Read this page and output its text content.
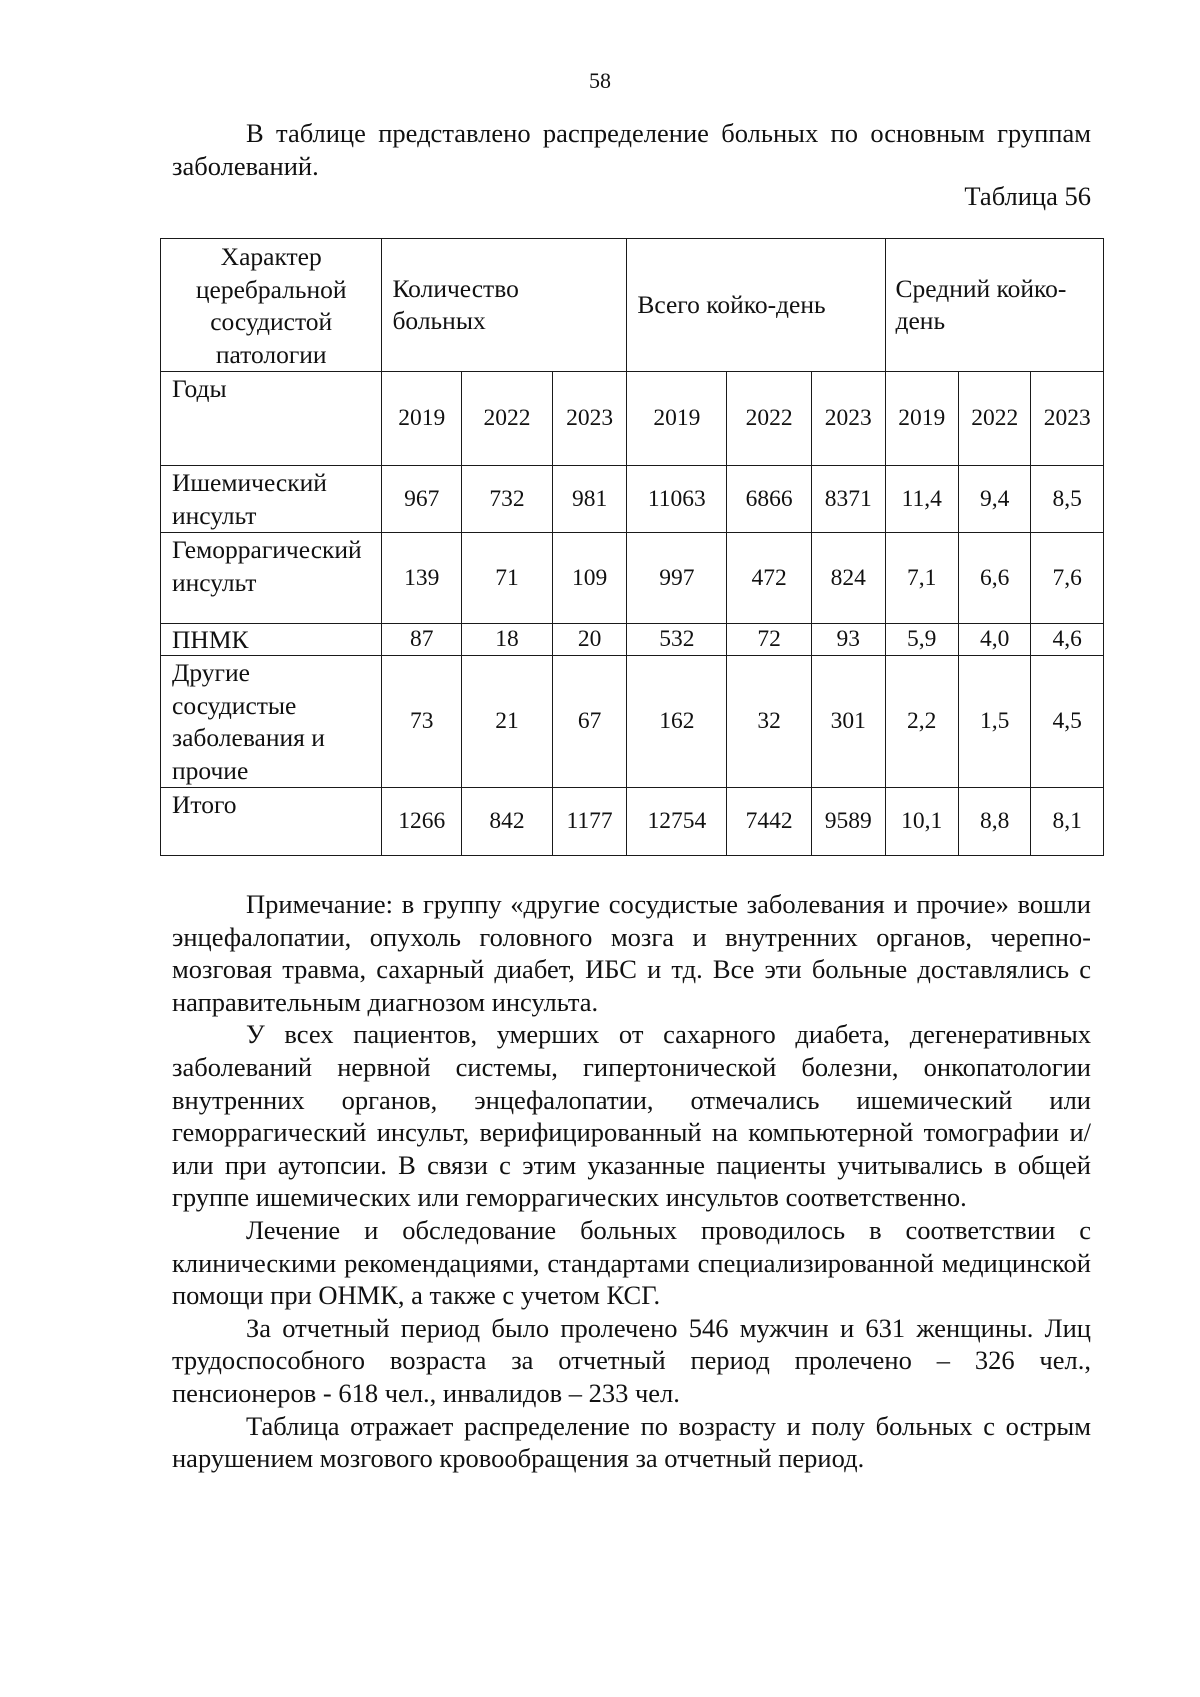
58

В таблице представлено распределение больных по основным группам заболеваний.

Таблица 56
Характер церебральной сосудистой патологии	Количество больных			Всего койко-день			Средний койко-день		
Годы	2019	2022	2023	2019	2022	2023	2019	2022	2023
Ишемический инсульт	967	732	981	11063	6866	8371	11,4	9,4	8,5
Геморрагический инсульт	139	71	109	997	472	824	7,1	6,6	7,6
ПНМК	87	18	20	532	72	93	5,9	4,0	4,6
Другие сосудистые заболевания и прочие	73	21	67	162	32	301	2,2	1,5	4,5
Итого	1266	842	1177	12754	7442	9589	10,1	8,8	8,1

Примечание: в группу «другие сосудистые заболевания и прочие» вошли энцефалопатии, опухоль головного мозга и внутренних органов, черепно-мозговая травма, сахарный диабет, ИБС и тд. Все эти больные доставлялись с направительным диагнозом инсульта.

У всех пациентов, умерших от сахарного диабета, дегенеративных заболеваний нервной системы, гипертонической болезни, онкопатологии внутренних органов, энцефалопатии, отмечались ишемический или геморрагический инсульт, верифицированный на компьютерной томографии и/или при аутопсии. В связи с этим указанные пациенты учитывались в общей группе ишемических или геморрагических инсультов соответственно.

Лечение и обследование больных проводилось в соответствии с клиническими рекомендациями, стандартами специализированной медицинской помощи при ОНМК, а также с учетом КСГ.

За отчетный период было пролечено 546 мужчин и 631 женщины. Лиц трудоспособного возраста за отчетный период пролечено – 326 чел., пенсионеров - 618 чел., инвалидов – 233 чел.

Таблица отражает распределение по возрасту и полу больных с острым нарушением мозгового кровообращения за отчетный период.
